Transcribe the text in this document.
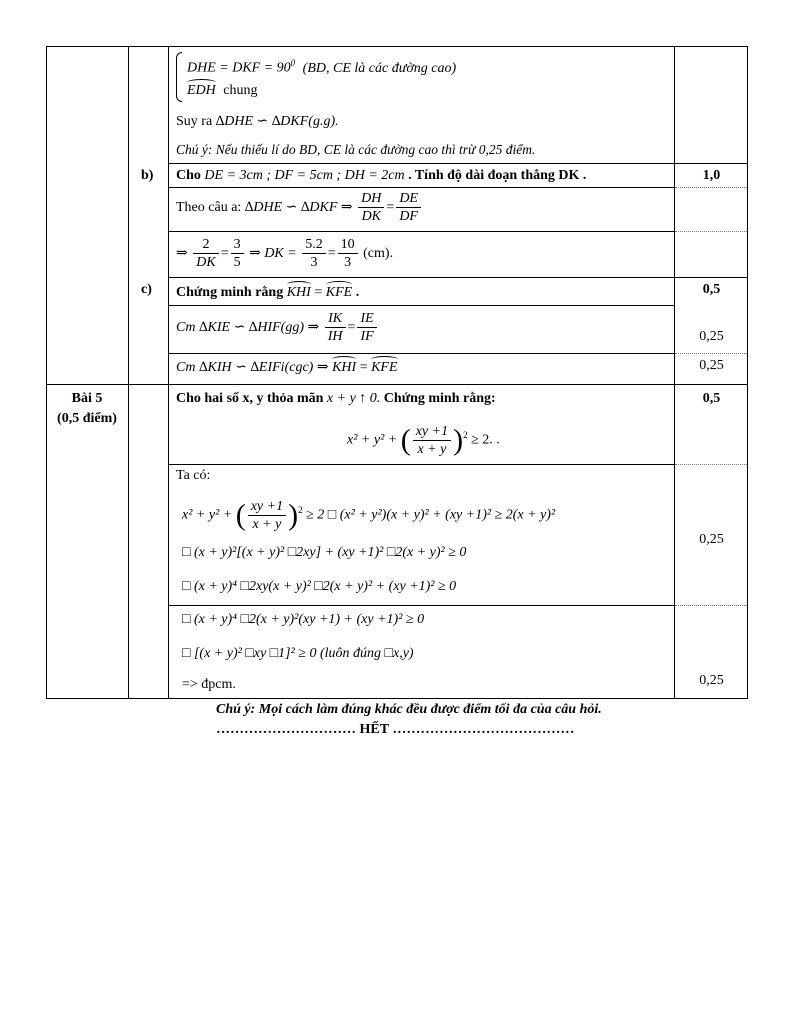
DHE = DKF = $90^0$ (BD, CE là các đường cao)
EDH chung
Suy ra ∆DHE ∽ ∆DKF(g.g).
Chú ý: Nếu thiếu lí do BD, CE là các đường cao thì trừ 0,25 điểm.
b) Cho DE = 3cm ; DF = 5cm ; DH = 2cm . Tính độ dài đoạn thẳng DK .	1,0
Theo câu a: ∆DHE ∽ ∆DKF ⇒ $\frac{DH}{DK} = \frac{DE}{DF}$
⇒ $\frac{2}{DK} = \frac{3}{5}$ ⇒ DK = $\frac{5.2}{3} = \frac{10}{3} (cm)$.
c) Chứng minh rằng KHI = KFE .	0,5
Cm ∆KIE ∽ ∆HIF(gg) ⇒ $\frac{IK}{IH} = \frac{IE}{IF}$	0,25
Cm ∆KIH ∽ ∆EIFi(cgc) ⇒ KHI = KFE	0,25
Bài 5
(0,5 điểm)
Cho hai số x, y thỏa mãn x + y ↑ 0. Chứng minh rằng:	0,5
x² + y² + ( $\frac{xy +1}{x + y} )^2 \ge 2$. .
Ta có:
x² + y² + ( $\frac{xy +1}{x + y} )^2 \ge 2$ □ (x² + y²)(x + y)² + (xy +1)² ≥ 2(x + y)²
□ (x + y)²[(x + y)² □2xy] + (xy +1)² □2(x + y)² ≥ 0
□ (x + y)⁴ □2xy(x + y)² □2(x + y)² + (xy +1)² ≥ 0
0,25
□ (x + y)⁴ □2(x + y)²(xy +1) + (xy +1)² ≥ 0
□ [(x + y)² □xy □1]² ≥ 0 (luôn đúng □x,y)
=> đpcm.	0,25
Chú ý: Mọi cách làm đúng khác đều được điểm tối đa của câu hỏi.
………………………… HẾT …………………………………
